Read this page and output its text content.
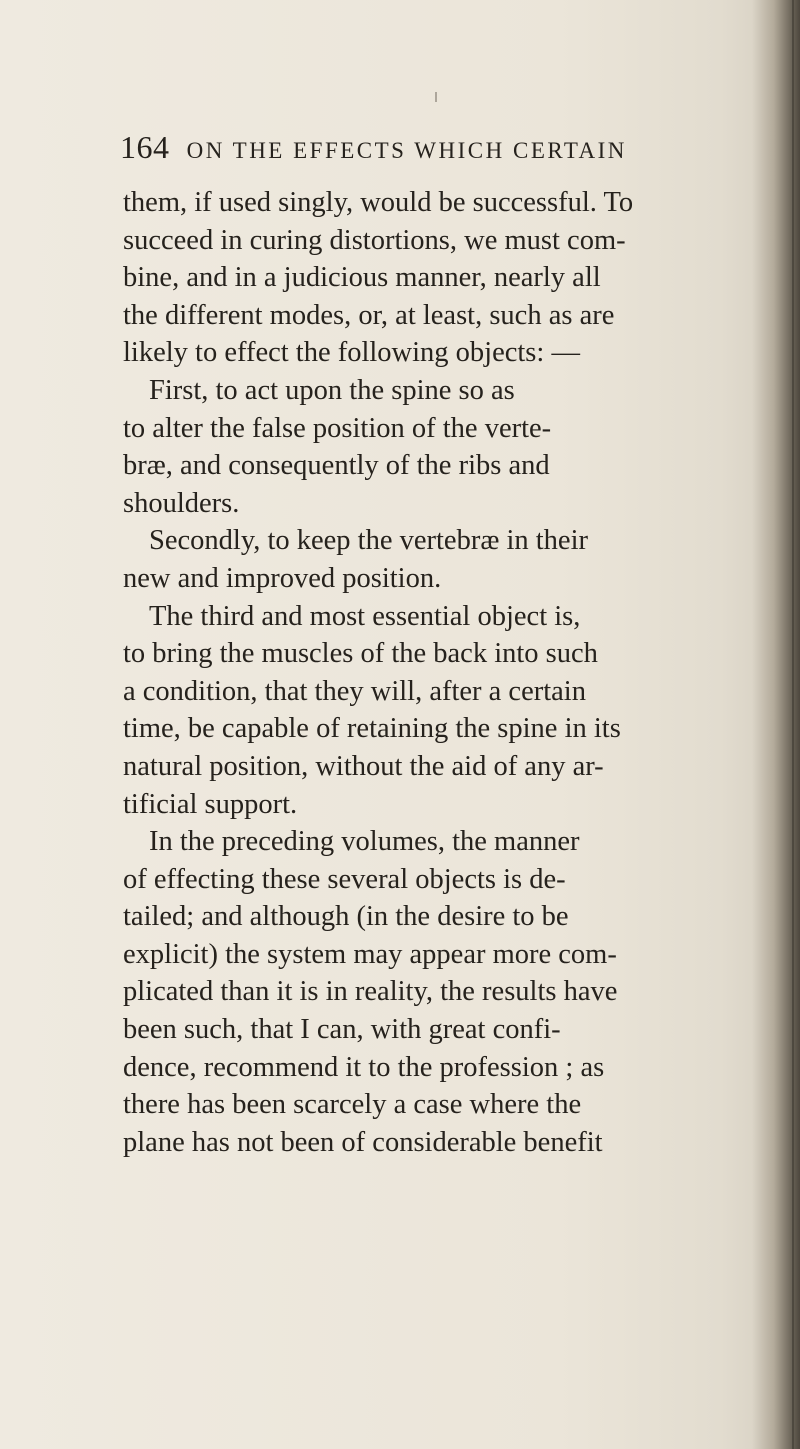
164 ON THE EFFECTS WHICH CERTAIN
them, if used singly, would be successful. To
succeed in curing distortions, we must com-
bine, and in a judicious manner, nearly all
the different modes, or, at least, such as are
likely to effect the following objects: —
First, to act upon the spine so as
to alter the false position of the verte-
bræ, and consequently of the ribs and
shoulders.
Secondly, to keep the vertebræ in their
new and improved position.
The third and most essential object is,
to bring the muscles of the back into such
a condition, that they will, after a certain
time, be capable of retaining the spine in its
natural position, without the aid of any ar-
tificial support.
In the preceding volumes, the manner
of effecting these several objects is de-
tailed; and although (in the desire to be
explicit) the system may appear more com-
plicated than it is in reality, the results have
been such, that I can, with great confi-
dence, recommend it to the profession ; as
there has been scarcely a case where the
plane has not been of considerable benefit
